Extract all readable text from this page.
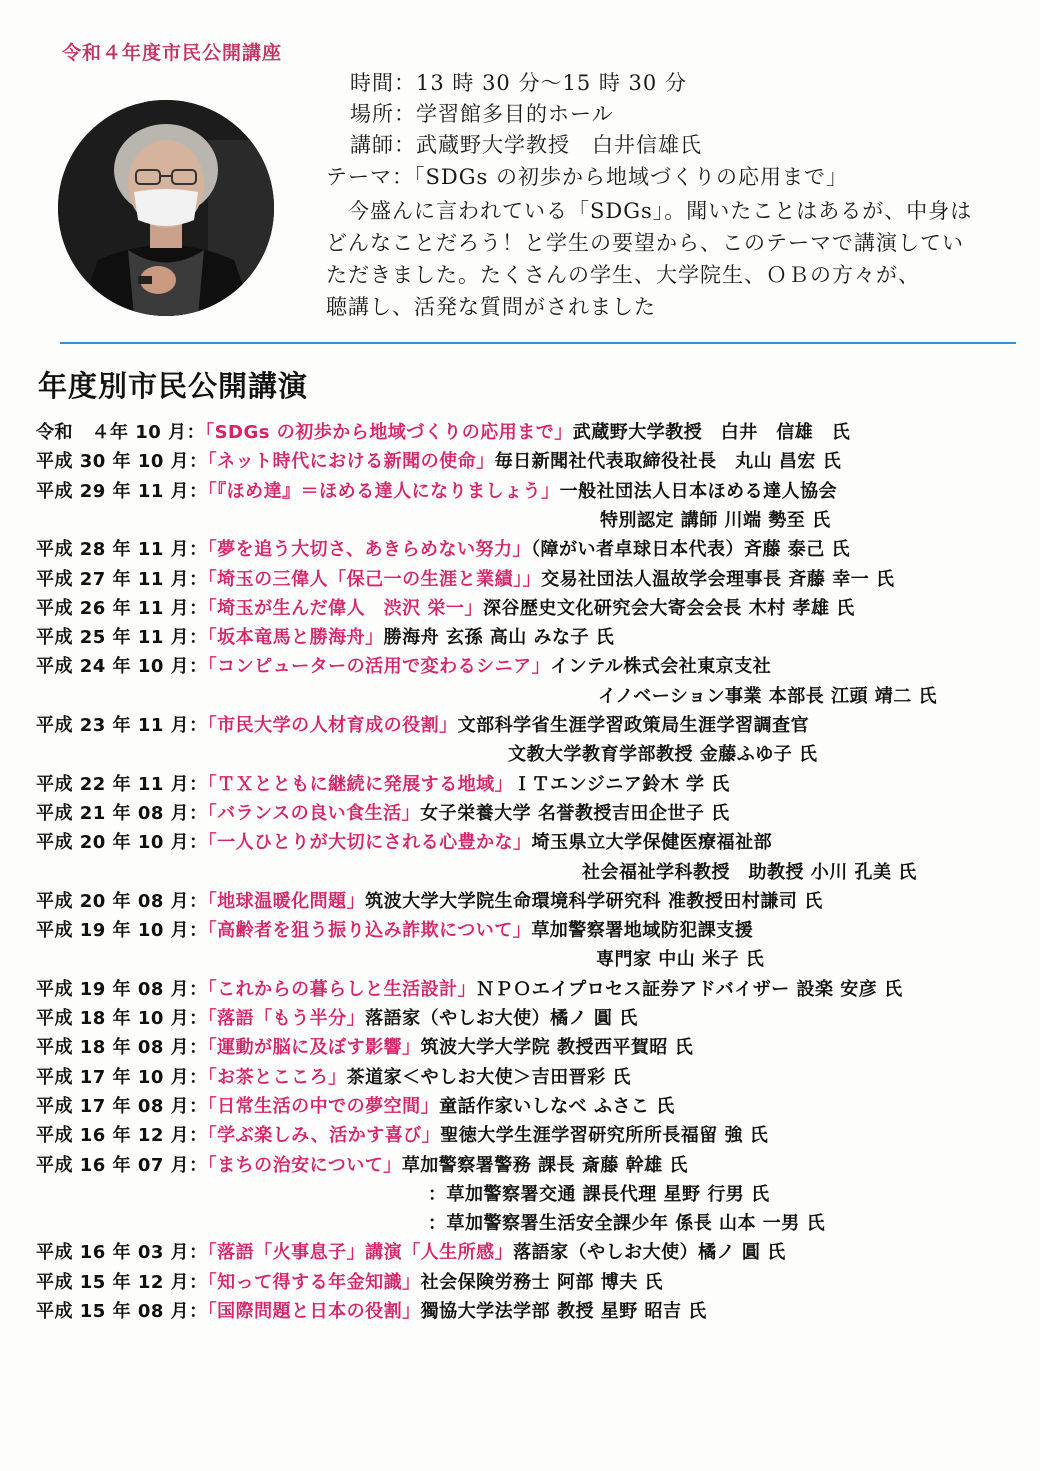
令和４年度市民公開講座
時間：13 時 30 分〜15 時 30 分
場所：学習館多目的ホール
講師：武蔵野大学教授　白井信雄氏
テーマ：「SDGs の初歩から地域づくりの応用まで」
今盛んに言われている「SDGs」。聞いたことはあるが、中身は
どんなことだろう！と学生の要望から、このテーマで講演してい
ただきました。たくさんの学生、大学院生、ＯＢの方々が、
聴講し、活発な質問がされました
年度別市民公開講演
令和　４年 10 月：「SDGs の初歩から地域づくりの応用まで」武蔵野大学教授　白井　信雄　氏
平成 30 年 10 月：「ネット時代における新聞の使命」毎日新聞社代表取締役社長　丸山 昌宏 氏
平成 29 年 11 月：「『ほめ達』＝ほめる達人になりましょう」一般社団法人日本ほめる達人協会
特別認定 講師 川端 勢至 氏
平成 28 年 11 月：「夢を追う大切さ、あきらめない努力」（障がい者卓球日本代表）斉藤 泰己 氏
平成 27 年 11 月：「埼玉の三偉人「保己一の生涯と業績」」交易社団法人温故学会理事長 斉藤 幸一 氏
平成 26 年 11 月：「埼玉が生んだ偉人　渋沢 栄一」深谷歴史文化研究会大寄会会長 木村 孝雄 氏
平成 25 年 11 月：「坂本竜馬と勝海舟」勝海舟 玄孫 高山 みな子 氏
平成 24 年 10 月：「コンピューターの活用で変わるシニア」インテル株式会社東京支社
イノベーション事業 本部長 江頭 靖二 氏
平成 23 年 11 月：「市民大学の人材育成の役割」文部科学省生涯学習政策局生涯学習調査官
文教大学教育学部教授 金藤ふゆ子 氏
平成 22 年 11 月：「ＴＸとともに継続に発展する地域」ＩＴエンジニア鈴木 学 氏
平成 21 年 08 月：「バランスの良い食生活」女子栄養大学 名誉教授吉田企世子 氏
平成 20 年 10 月：「一人ひとりが大切にされる心豊かな」埼玉県立大学保健医療福祉部
社会福祉学科教授　助教授 小川 孔美 氏
平成 20 年 08 月：「地球温暖化問題」筑波大学大学院生命環境科学研究科 准教授田村謙司 氏
平成 19 年 10 月：「高齢者を狙う振り込み詐欺について」草加警察署地域防犯課支援
専門家 中山 米子 氏
平成 19 年 08 月：「これからの暮らしと生活設計」ＮＰＯエイプロセス証券アドバイザー 設楽 安彦 氏
平成 18 年 10 月：「落語「もう半分」落語家（やしお大使）橘ノ 圓 氏
平成 18 年 08 月：「運動が脳に及ぼす影響」筑波大学大学院 教授西平賀昭 氏
平成 17 年 10 月：「お茶とこころ」茶道家＜やしお大使＞吉田晋彩 氏
平成 17 年 08 月：「日常生活の中での夢空間」童話作家いしなべ ふさこ 氏
平成 16 年 12 月：「学ぶ楽しみ、活かす喜び」聖徳大学生涯学習研究所所長福留 強 氏
平成 16 年 07 月：「まちの治安について」草加警察署警務 課長 斎藤 幹雄 氏
：草加警察署交通 課長代理 星野 行男 氏
：草加警察署生活安全課少年 係長 山本 一男 氏
平成 16 年 03 月：「落語「火事息子」講演「人生所感」落語家（やしお大使）橘ノ 圓 氏
平成 15 年 12 月：「知って得する年金知識」社会保険労務士 阿部 博夫 氏
平成 15 年 08 月：「国際問題と日本の役割」獨協大学法学部 教授 星野 昭吉 氏
